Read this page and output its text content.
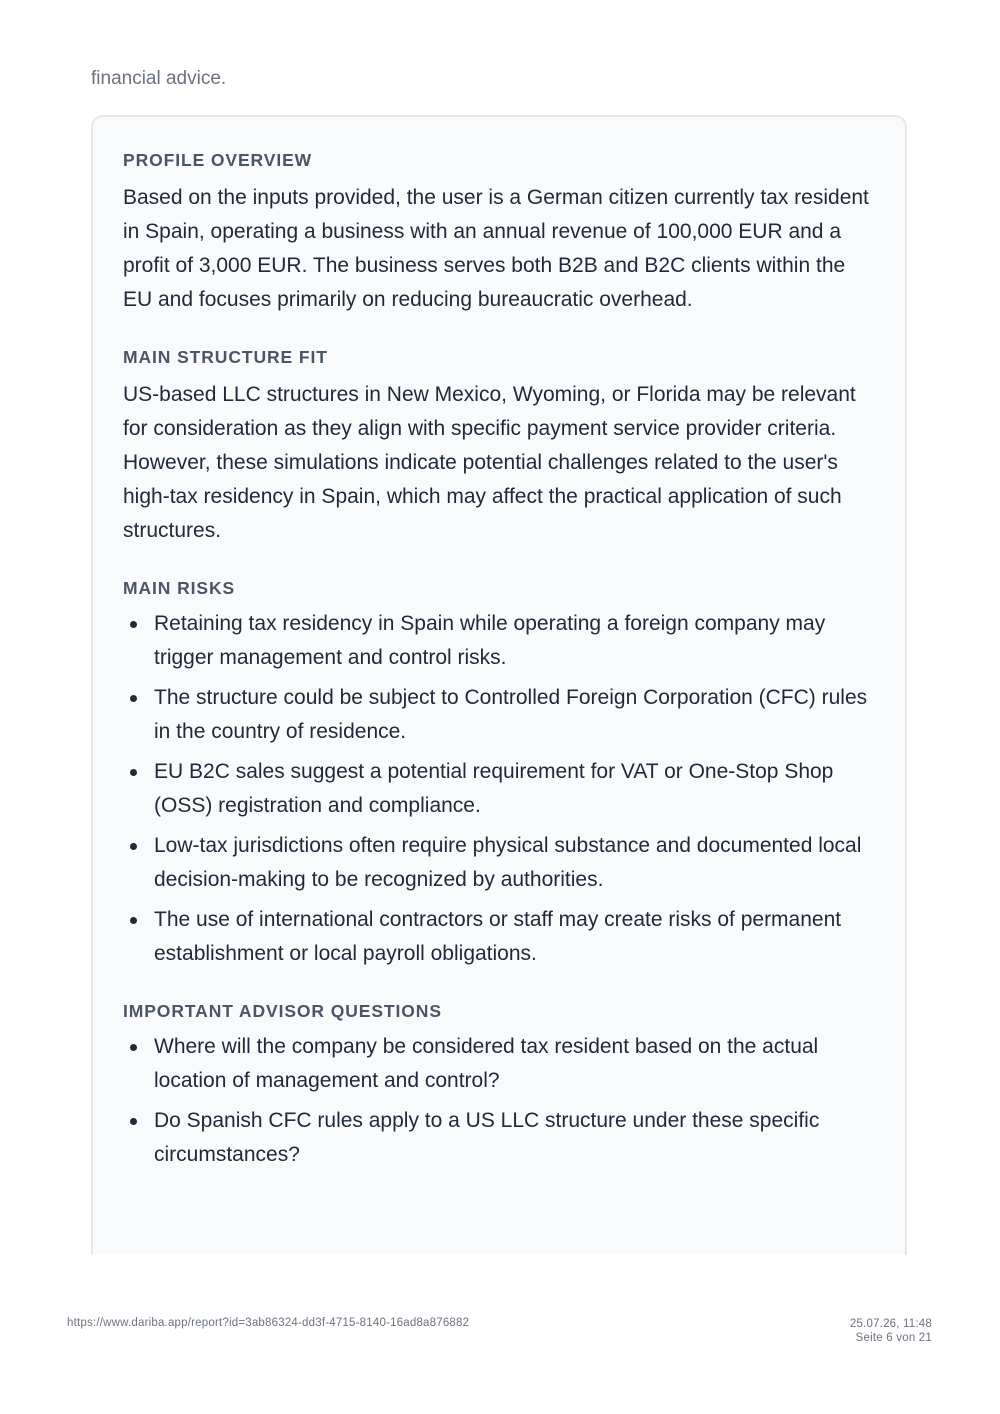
financial advice.

PROFILE OVERVIEW

Based on the inputs provided, the user is a German citizen currently tax resident in Spain, operating a business with an annual revenue of 100,000 EUR and a profit of 3,000 EUR. The business serves both B2B and B2C clients within the EU and focuses primarily on reducing bureaucratic overhead.

MAIN STRUCTURE FIT

US-based LLC structures in New Mexico, Wyoming, or Florida may be relevant for consideration as they align with specific payment service provider criteria. However, these simulations indicate potential challenges related to the user's high-tax residency in Spain, which may affect the practical application of such structures.

MAIN RISKS
Retaining tax residency in Spain while operating a foreign company may trigger management and control risks.
The structure could be subject to Controlled Foreign Corporation (CFC) rules in the country of residence.
EU B2C sales suggest a potential requirement for VAT or One-Stop Shop (OSS) registration and compliance.
Low-tax jurisdictions often require physical substance and documented local decision-making to be recognized by authorities.
The use of international contractors or staff may create risks of permanent establishment or local payroll obligations.
IMPORTANT ADVISOR QUESTIONS
Where will the company be considered tax resident based on the actual location of management and control?
Do Spanish CFC rules apply to a US LLC structure under these specific circumstances?
https://www.dariba.app/report?id=3ab86324-dd3f-4715-8140-16ad8a876882	25.07.26, 11:48
Seite 6 von 21
